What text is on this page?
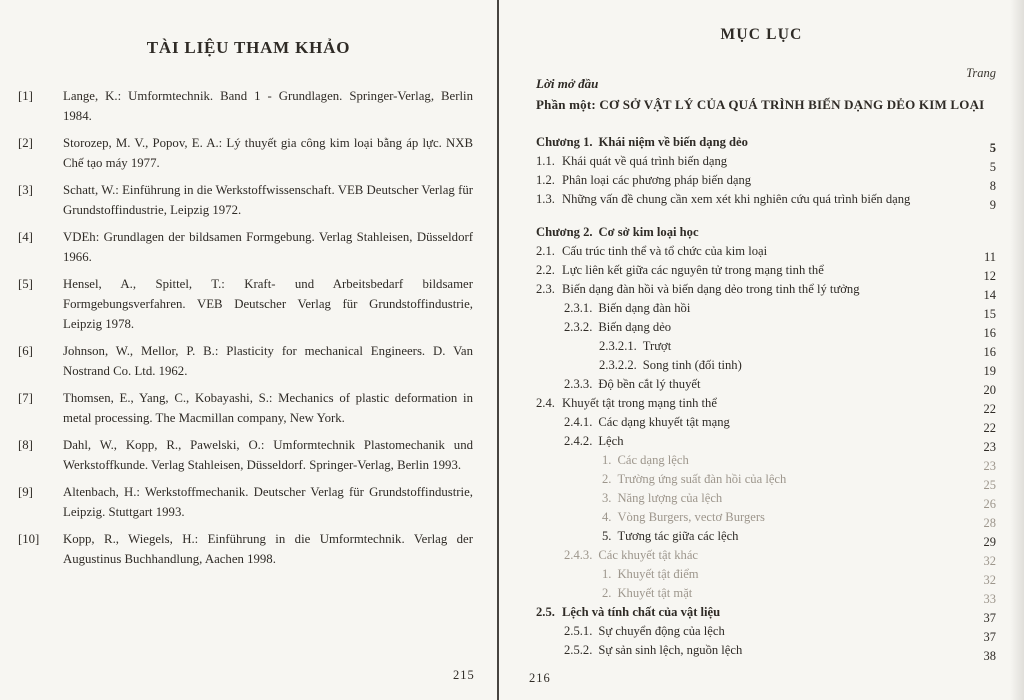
TÀI LIỆU THAM KHẢO
[1]	Lange, K.: Umformtechnik. Band 1 - Grundlagen. Springer-Verlag, Berlin 1984.
[2]	Storozep, M. V., Popov, E. A.: Lý thuyết gia công kim loại bằng áp lực. NXB Chế tạo máy 1977.
[3]	Schatt, W.: Einführung in die Werkstoffwissenschaft. VEB Deutscher Verlag für Grundstoffindustrie, Leipzig 1972.
[4]	VDEh: Grundlagen der bildsamen Formgebung. Verlag Stahleisen, Düsseldorf 1966.
[5]	Hensel, A., Spittel, T.: Kraft- und Arbeitsbedarf bildsamer Formgebungsverfahren. VEB Deutscher Verlag für Grundstoffindustrie, Leipzig 1978.
[6]	Johnson, W., Mellor, P. B.: Plasticity for mechanical Engineers. D. Van Nostrand Co. Ltd. 1962.
[7]	Thomsen, E., Yang, C., Kobayashi, S.: Mechanics of plastic deformation in metal processing. The Macmillan company, New York.
[8]	Dahl, W., Kopp, R., Pawelski, O.: Umformtechnik Plastomechanik und Werkstoffkunde. Verlag Stahleisen, Düsseldorf. Springer-Verlag, Berlin 1993.
[9]	Altenbach, H.: Werkstoffmechanik. Deutscher Verlag für Grundstoffindustrie, Leipzig. Stuttgart 1993.
[10]	Kopp, R., Wiegels, H.: Einführung in die Umformtechnik. Verlag der Augustinus Buchhandlung, Aachen 1998.
215
MỤC LỤC
Trang
Lời mở đầu
Phần một: CƠ SỞ VẬT LÝ CỦA QUÁ TRÌNH BIẾN DẠNG DẺO KIM LOẠI
Chương 1. Khái niệm về biến dạng dẻo	5
1.1. Khái quát về quá trình biến dạng	5
1.2. Phân loại các phương pháp biến dạng	8
1.3. Những vấn đề chung cần xem xét khi nghiên cứu quá trình biến dạng	9
Chương 2. Cơ sở kim loại học
2.1. Cấu trúc tinh thể và tổ chức của kim loại	11
2.2. Lực liên kết giữa các nguyên tử trong mạng tinh thể	12
2.3. Biến dạng đàn hồi và biến dạng dẻo trong tinh thể lý tưởng	14
2.3.1. Biến dạng đàn hồi	15
2.3.2. Biến dạng dẻo	16
2.3.2.1. Trượt	16
2.3.2.2. Song tinh (đối tinh)	19
2.3.3. Độ bền cắt lý thuyết	20
2.4. Khuyết tật trong mạng tinh thể	22
2.4.1. Các dạng khuyết tật mạng	22
2.4.2. Lệch	23
1. Các dạng lệch	23
2. Trường ứng suất đàn hồi của lệch	25
3. Năng lượng của lệch	26
4. Vòng Burgers, vectơ Burgers	28
5. Tương tác giữa các lệch	29
2.4.3. Các khuyết tật khác	32
1. Khuyết tật điểm	32
2. Khuyết tật mặt	33
2.5. Lệch và tính chất của vật liệu	37
2.5.1. Sự chuyển động của lệch	37
2.5.2. Sự sản sinh lệch, nguồn lệch	38
216
